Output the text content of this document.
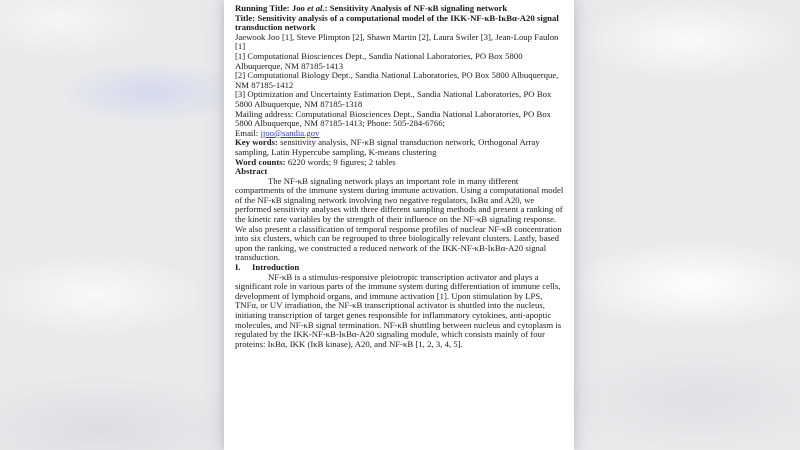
Running Title: Joo et al.: Sensitivity Analysis of NF-κB signaling network

Title: Sensitivity analysis of a computational model of the IKK-NF-κB-IκBα-A20 signal transduction network

Jaewook Joo [1], Steve Plimpton [2], Shawn Martin [2], Laura Swiler [3], Jean-Loup Faulon [1]

[1] Computational Biosciences Dept., Sandia National Laboratories, PO Box 5800 Albuquerque, NM 87185-1413
[2] Computational Biology Dept., Sandia National Laboratories, PO Box 5800 Albuquerque, NM 87185-1412
[3] Optimization and Uncertainty Estimation Dept., Sandia National Laboratories, PO Box 5800 Albuquerque, NM 87185-1318
Mailing address: Computational Biosciences Dept., Sandia National Laboratories, PO Box 5800 Albuquerque, NM 87185-1413; Phone: 505-284-6766;
Email: jjoo@sandia.gov

Key words: sensitivity analysis, NF-κB signal transduction network, Orthogonal Array sampling, Latin Hypercube sampling, K-means clustering

Word counts: 6220 words; 9 figures; 2 tables

Abstract

The NF-κB signaling network plays an important role in many different compartments of the immune system during immune activation. Using a computational model of the NF-κB signaling network involving two negative regulators, IκBα and A20, we performed sensitivity analyses with three different sampling methods and present a ranking of the kinetic rate variables by the strength of their influence on the NF-κB signaling response. We also present a classification of temporal response profiles of nuclear NF-κB concentration into six clusters, which can be regrouped to three biologically relevant clusters. Lastly, based upon the ranking, we constructed a reduced network of the IKK-NF-κB-IκBα-A20 signal transduction.

I. Introduction

NF-κB is a stimulus-responsive pleiotropic transcription activator and plays a significant role in various parts of the immune system during differentiation of immune cells, development of lymphoid organs, and immune activation [1]. Upon stimulation by LPS, TNFα, or UV irradiation, the NF-κB transcriptional activator is shuttled into the nucleus, initiating transcription of target genes responsible for inflammatory cytokines, anti-apoptic molecules, and NF-κB signal termination. NF-κB shuttling between nucleus and cytoplasm is regulated by the IKK-NF-κB-IκBα-A20 signaling module, which consists mainly of four proteins: IκBα, IKK (IκB kinase), A20, and NF-κB [1, 2, 3, 4, 5].
